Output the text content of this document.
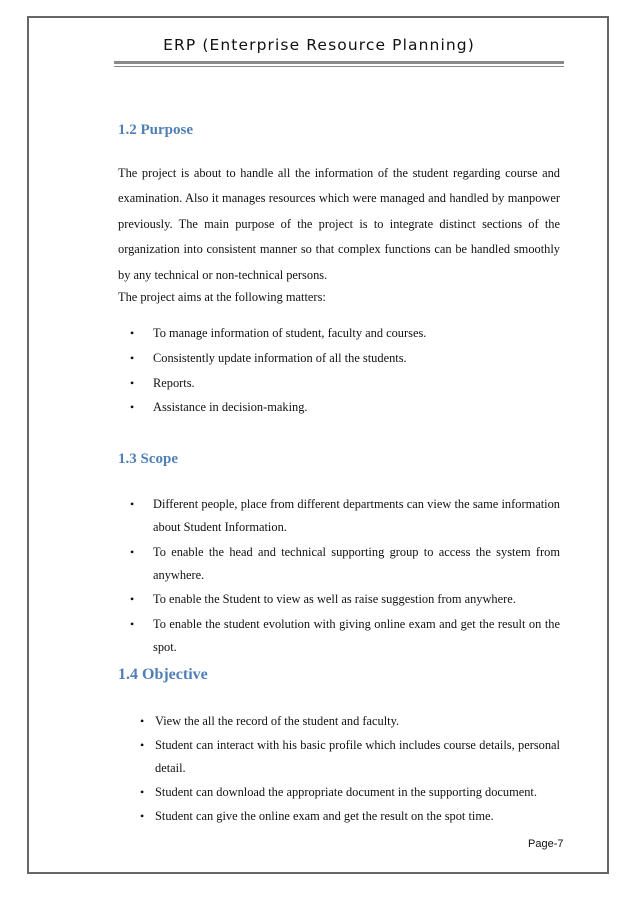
ERP (Enterprise Resource Planning)
1.2 Purpose

The project is about to handle all the information of the student regarding course and examination. Also it manages resources which were managed and handled by manpower previously. The main purpose of the project is to integrate distinct sections of the organization into consistent manner so that complex functions can be handled smoothly by any technical or non-technical persons.

The project aims at the following matters:

• To manage information of student, faculty and courses.
• Consistently update information of all the students.
• Reports.
• Assistance in decision-making.
1.3 Scope
• Different people, place from different departments can view the same information about Student Information.
• To enable the head and technical supporting group to access the system from anywhere.
• To enable the Student to view as well as raise suggestion from anywhere.
• To enable the student evolution with giving online exam and get the result on the spot.
1.4 Objective
• View the all the record of the student and faculty.
• Student can interact with his basic profile which includes course details, personal detail.
• Student can download the appropriate document in the supporting document.
• Student can give the online exam and get the result on the spot time.
Page-7
